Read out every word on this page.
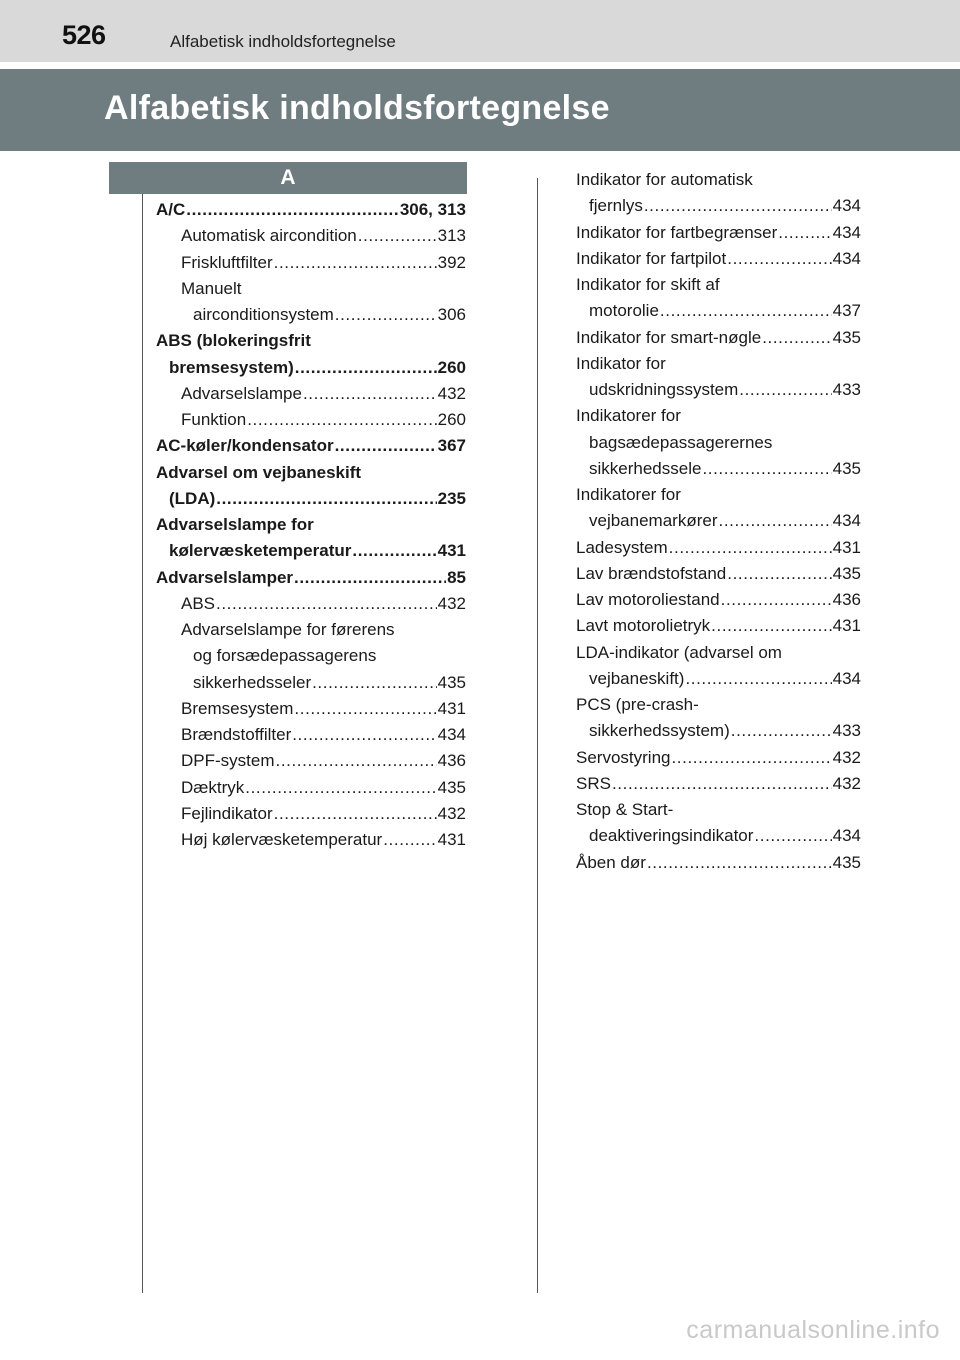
526	Alfabetisk indholdsfortegnelse
Alfabetisk indholdsfortegnelse
A
A/C .....	306, 313
Automatisk aircondition .....	313
Friskluftfilter .....	392
Manuelt
airconditionsystem .....	306
ABS (blokeringsfrit
bremsesystem) .....	260
Advarselslampe .....	432
Funktion .....	260
AC-køler/kondensator .....	367
Advarsel om vejbaneskift
(LDA) .....	235
Advarselslampe for
kølervæsketemperatur .....	431
Advarselslamper .....	85
ABS .....	432
Advarselslampe for førerens
og forsædepassagerens
sikkerhedsseler .....	435
Bremsesystem .....	431
Brændstoffilter .....	434
DPF-system .....	436
Dæktryk .....	435
Fejlindikator .....	432
Høj kølervæsketemperatur .....	431
Indikator for automatisk
fjernlys .....	434
Indikator for fartbegrænser .....	434
Indikator for fartpilot .....	434
Indikator for skift af
motorolie .....	437
Indikator for smart-nøgle .....	435
Indikator for
udskridningssystem .....	433
Indikatorer for
bagsædepassagerernes
sikkerhedssele .....	435
Indikatorer for
vejbanemarkører .....	434
Ladesystem .....	431
Lav brændstofstand .....	435
Lav motoroliestand .....	436
Lavt motorolietryk .....	431
LDA-indikator (advarsel om
vejbaneskift) .....	434
PCS (pre-crash-
sikkerhedssystem) .....	433
Servostyring .....	432
SRS .....	432
Stop & Start-
deaktiveringsindikator .....	434
Åben dør .....	435
carmanualsonline.info
